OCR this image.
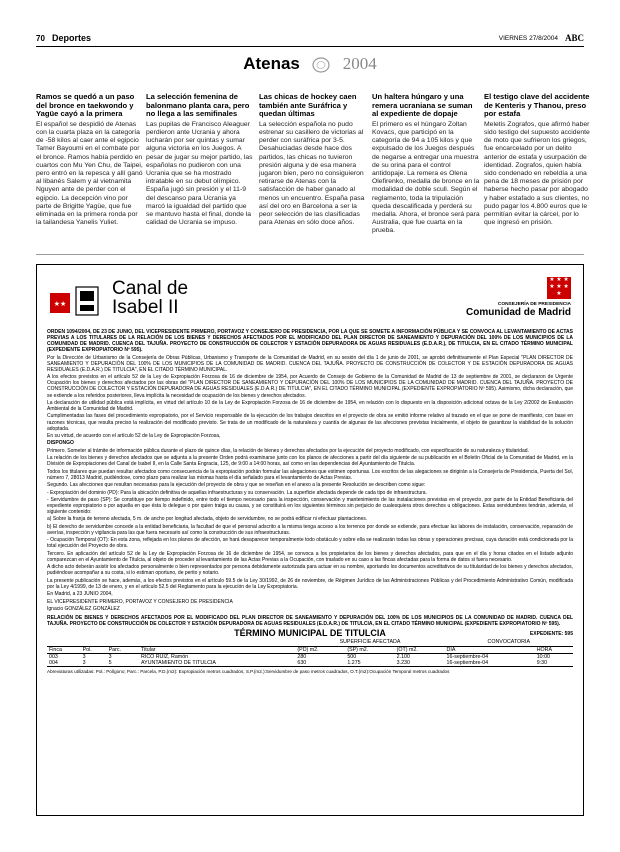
70 Deportes	VIERNES 27/8/2004 ABC
Atenas	2004
Ramos se quedó a un paso del bronce en taekwondo y Yagüe cayó a la primera

El español se despidió de Atenas con la cuarta plaza en la categoría de -58 kilos al caer ante el egipcio Tamer Bayoumi en el combate por el bronce. Ramos había perdido en cuartos con Mu Yen Chu, de Taipei, pero entró en la repesca y allí ganó al libanés Salem y al vietnamita Nguyen ante de perder con el egipcio. La decepción vino por parte de Brigitte Yagüe, que fue eliminada en la primera ronda por la tailandesa Yanelis Yuliet.

La selección femenina de balonmano planta cara, pero no llega a las semifinales

Las pupilas de Francisco Aleaguer perdieron ante Ucrania y ahora lucharán por ser quintas y sumar alguna victoria en los Juegos. A pesar de jugar su mejor partido, las españolas no pudieron con una Ucrania que se ha mostrado intratable en su debut olímpico. España jugó sin presión y el 11-9 del descanso para Ucrania ya marcó la igualdad del partido que se mantuvo hasta el final, donde la calidad de Ucrania se impuso.

Las chicas de hockey caen también ante Suráfrica y quedan últimas

La selección española no pudo estrenar su casillero de victorias al perder con suráfrica por 3-5. Desahuciadas desde hace dos partidos, las chicas no tuvieron presión alguna y de esa manera jugaron bien, pero no consiguieron retirarse de Atenas con la satisfacción de haber ganado al menos un encuentro. España pasa así del oro en Barcelona a ser la peor selección de las clasificadas para Atenas en sólo doce años.

Un haltera húngaro y una remera ucraniana se suman al expediente de dopaje

El primero es el húngaro Zoltan Kovacs, que participó en la categoría de 94 a 105 kilos y que expulsado de los Juegos después de negarse a entregar una muestra de su orina para el control antidopaje. La remera es Olena Olefirenko, medalla de bronce en la modalidad de doble scull. Según el reglamento, toda la tripulación queda descalificada y perderá su medalla. Ahora, el bronce será para Australia, que fue cuarta en la prueba.

El testigo clave del accidente de Kenteris y Thanou, preso por estafa

Meletis Zografos, que afirmó haber sido testigo del supuesto accidente de moto que sufrieron los griegos, fue encarcelado por un delito anterior de estafa y usurpación de identidad. Zografos, quien había sido condenado en rebeldía a una pena de 18 meses de prisión por haberse hecho pasar por abogado y haber estafado a sus clientes, no pudo pagar los 4.800 euros que le permitían evitar la cárcel, por lo que ingresó en prisión.

★★
Canal de
Isabel II
★ ★ ★ ★ ★ ★ ★
CONSEJERÍA DE PRESIDENCIA
Comunidad de Madrid

ORDEN 1094/2004, DE 23 DE JUNIO, DEL VICEPRESIDENTE PRIMERO, PORTAVOZ Y CONSEJERO DE PRESIDENCIA, POR LA QUE SE SOMETE A INFORMACIÓN PÚBLICA Y SE CONVOCA AL LEVANTAMIENTO DE ACTAS PREVIAS A LOS TITULARES DE LA RELACIÓN DE LOS BIENES Y DERECHOS AFECTADOS POR EL MODIFICADO DEL PLAN DIRECTOR DE SANEAMIENTO Y DEPURACIÓN DEL 100% DE LOS MUNICIPIOS DE LA COMUNIDAD DE MADRID. CUENCA DEL TAJUÑA. PROYECTO DE CONSTRUCCIÓN DE COLECTOR Y ESTACIÓN DEPURADORA DE AGUAS RESIDUALES (E.D.A.R.), DE TITULCIA, EN EL CITADO TÉRMINO MUNICIPAL (EXPEDIENTE EXPROPIATORIO Nº 595).

Por la Dirección de Urbanismo de la Consejería de Obras Públicas, Urbanismo y Transporte de la Comunidad de Madrid, en su sesión del día 1 de junio de 2001, se aprobó definitivamente el Plan Especial "PLAN DIRECTOR DE SANEAMIENTO Y DEPURACIÓN DEL 100% DE LOS MUNICIPIOS DE LA COMUNIDAD DE MADRID. CUENCA DEL TAJUÑA. PROYECTO DE CONSTRUCCIÓN DE COLECTOR Y DE ESTACIÓN DEPURADORA DE AGUAS RESIDUALES (E.D.A.R.) DE TITULCIA", EN EL CITADO TÉRMINO MUNICIPAL.

A los efectos previstos en el artículo 52 de la Ley de Expropiación Forzosa de 16 de diciembre de 1954, por Acuerdo de Consejo de Gobierno de la Comunidad de Madrid de 13 de septiembre de 2001, se declararon de Urgente Ocupación los bienes y derechos afectados por las obras del "PLAN DIRECTOR DE SANEAMIENTO Y DEPURACIÓN DEL 100% DE LOS MUNICIPIOS DE LA COMUNIDAD DE MADRID. CUENCA DEL TAJUÑA. PROYECTO DE CONSTRUCCIÓN DE COLECTOR Y ESTACIÓN DEPURADORA DE AGUAS RESIDUALES (E.D.A.R.) DE TITULCIA", EN EL CITADO TÉRMINO MUNICIPAL (EXPEDIENTE EXPROPIATORIO Nº 595). Asimismo, dicha declaración, que se extiende a los referidos posteriores, lleva implícita la necesidad de ocupación de los bienes y derechos afectados.

La declaración de utilidad pública está implícita, en virtud del artículo 10 de la Ley de Expropiación Forzosa de 16 de diciembre de 1954, en relación con lo dispuesto en la disposición adicional octava de la Ley 2/2002 de Evaluación Ambiental de la Comunidad de Madrid.

Cumplimentadas las fases del procedimiento expropiatorio, por el Servicio responsable de la ejecución de los trabajos descritos en el proyecto de obra se emitió informe relativo al trazado en el que se pone de manifiesto, con base en razones técnicas, que resulta preciso la realización del modificado previsto. Se trata de un modificado de la naturaleza y cuantía de algunas de las afecciones previstas inicialmente, el objeto de garantizar la viabilidad de la solución adoptada.

En su virtud, de acuerdo con el artículo 52 de la Ley de Expropiación Forzosa,

DISPONGO

Primero. Someter al trámite de información pública durante el plazo de quince días, la relación de bienes y derechos afectados por la ejecución del proyecto modificado, con especificación de su naturaleza y titularidad.

La relación de los bienes y derechos afectados que se adjunta a la presente Orden podrá examinarse junto con los planos de afecciones a partir del día siguiente de su publicación en el Boletín Oficial de la Comunidad de Madrid, en la División de Expropiaciones del Canal de Isabel II, en la Calle Santa Engracia, 125, de 9:00 a 14:00 horas, así como en las dependencias del Ayuntamiento de Titulcia.

Todos los titulares que puedan resultar afectados como consecuencia de la expropiación podrán formular las alegaciones que estimen oportunas. Los escritos de las alegaciones se dirigirán a la Consejería de Presidencia, Puerta del Sol, número 7, 28013 Madrid, pudiéndose, como plazo para realizar las mismas hasta el día señalado para el levantamiento de Actas Previas.

Segundo. Las afecciones que resultan necesarias para la ejecución del proyecto de obra y que se reseñan en el anexo a la presente Resolución se describen como sigue:

- Expropiación del dominio (PD): Para la ubicación definitiva de aquellas infraestructuras y su conservación. La superficie afectada depende de cada tipo de infraestructura.

- Servidumbre de paso (SP): Se constituye por tiempo indefinido, entre todo el tiempo necesario para la inspección, conservación y mantenimiento de las instalaciones previstas en el proyecto, por parte de la Entidad Beneficiaria del expediente expropiatorio o por aquella en que ésta lo delegue o por quien traiga su causa, y se constituirá en los siguientes términos sin perjuicio de cualesquiera otros derechos u obligaciones. Estas servidumbres tendrán, además, el siguiente contenido:

a) Sobre la franja de terreno afectada, 5 m. de ancho por longitud afectada, objeto de servidumbre, no se podrá edificar ni efectuar plantaciones.

b) El derecho de servidumbre concede a la entidad beneficiaria, la facultad de que el personal adscrito a la misma tenga acceso a los terrenos por donde se extiende, para efectuar las labores de instalación, conservación, reparación de averías, inspección y vigilancia para las que fuera necesario así como la construcción de sus infraestructuras.

- Ocupación Temporal (OT): En esta zona, reflejada en los planos de afección, se hará desaparecer temporalmente todo obstáculo y sobre ella se realizarán todas las obras y operaciones precisas, cuya duración está condicionada por la total ejecución del Proyecto de obra.

Tercero. En aplicación del artículo 52 de la Ley de Expropiación Forzosa de 16 de diciembre de 1954, se convoca a los propietarios de los bienes y derechos afectados, para que en el día y horas citados en el listado adjunto comparezcan en el Ayuntamiento de Titulcia, al objeto de proceder al levantamiento de las Actas Previas a la Ocupación, con traslado en su caso a las fincas afectadas para la forma de datos si fuera necesario.

A dicho acto deberán asistir los afectados personalmente o bien representados por persona debidamente autorizada para actuar en su nombre, aportando los documentos acreditativos de su titularidad de los bienes y derechos afectados, pudiéndose acompañar a su costa, si lo estiman oportuno, de perito y notario.

La presente publicación se hace, además, a los efectos previstos en el artículo 59.5 de la Ley 30/1992, de 26 de noviembre, de Régimen Jurídico de las Administraciones Públicas y del Procedimiento Administrativo Común, modificada por la Ley 4/1999, de 13 de enero, y en el artículo 52.5 del Reglamento para la ejecución de la Ley Expropiatoria.

En Madrid, a 23 JUNIO 2004,

EL VICEPRESIDENTE PRIMERO, PORTAVOZ Y CONSEJERO DE PRESIDENCIA

Ignacio GONZÁLEZ GONZÁLEZ

RELACIÓN DE BIENES Y DERECHOS AFECTADOS POR EL MODIFICADO DEL PLAN DIRECTOR DE SANEAMIENTO Y DEPURACIÓN DEL 100% DE LOS MUNICIPIOS DE LA COMUNIDAD DE MADRID. CUENCA DEL TAJUÑA. PROYECTO DE CONSTRUCCIÓN DE COLECTOR Y ESTACIÓN DEPURADORA DE AGUAS RESIDUALES (E.D.A.R.) DE TITULCIA, EN EL CITADO TÉRMINO MUNICIPAL (EXPEDIENTE EXPROPIATORIO Nº 595).

TÉRMINO MUNICIPAL DE TITULCIA	EXPEDIENTE: 595
				SUPERFICIE AFECTADA			CONVOCATORIA	
Finca	Pol.	Parc.	Titular	(PD) m2.	(SP) m2.	(OT) m2.	DIA	HORA
003	3	3	RICO RUIZ, Ramón	280	500	2.100	16-septiembre-04	10:00
004	3	5	AYUNTAMIENTO DE TITULCIA	630	1.275	3.230	16-septiembre-04	9:30

Abreviaturas utilizadas: Pol.: Polígono; Parc.: Parcela, P.D.(m2): Expropiación metros cuadrados, S.P.(m2.):Servidumbre de paso metros cuadrados, O.T.(m2):Ocupación Temporal metros cuadrados
